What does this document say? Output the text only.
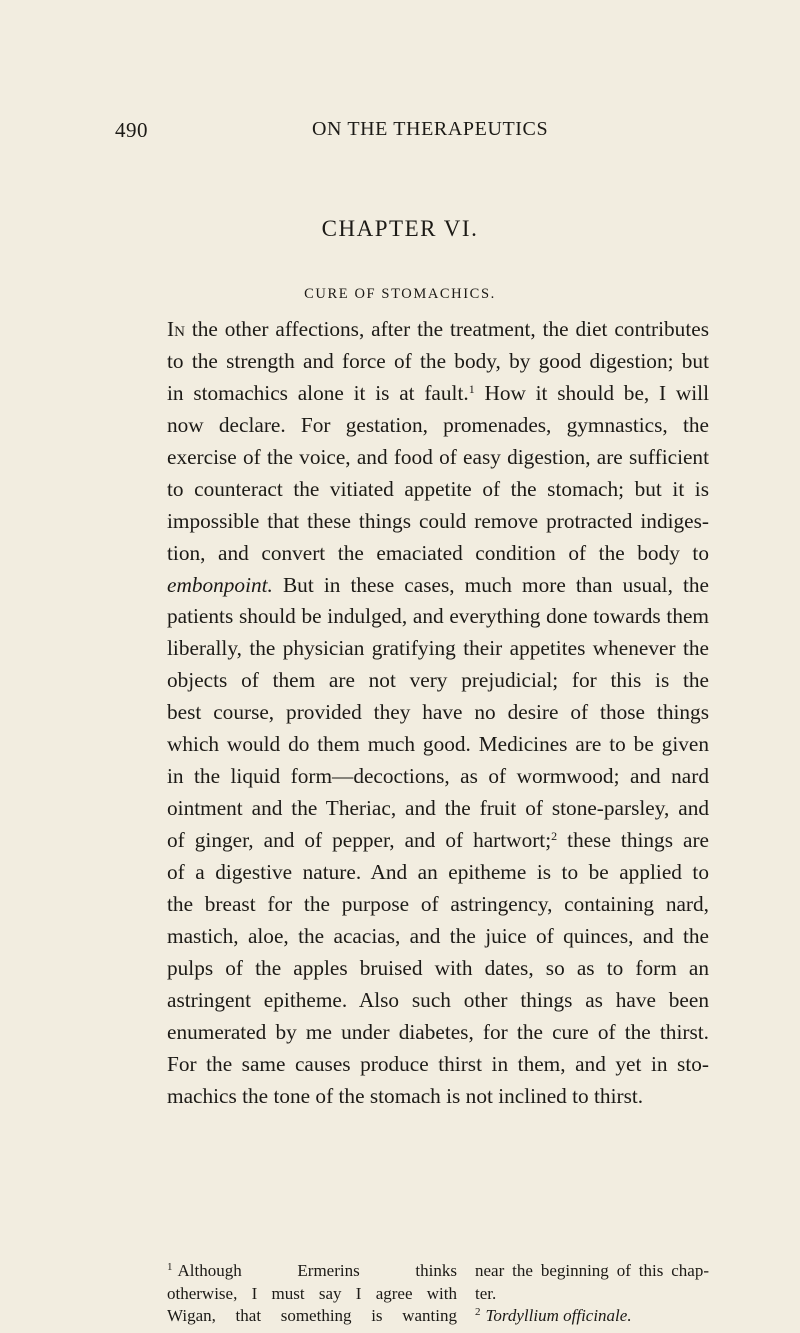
490	ON THE THERAPEUTICS
CHAPTER VI.
CURE OF STOMACHICS.
In the other affections, after the treatment, the diet contributes
to the strength and force of the body, by good digestion; but
in stomachics alone it is at fault.$^1$ How it should be, I will
now declare. For gestation, promenades, gymnastics, the
exercise of the voice, and food of easy digestion, are sufficient
to counteract the vitiated appetite of the stomach; but it is
impossible that these things could remove protracted indiges-
tion, and convert the emaciated condition of the body to
embonpoint. But in these cases, much more than usual, the
patients should be indulged, and everything done towards them
liberally, the physician gratifying their appetites whenever the
objects of them are not very prejudicial; for this is the
best course, provided they have no desire of those things
which would do them much good. Medicines are to be given
in the liquid form—decoctions, as of wormwood; and nard
ointment and the Theriac, and the fruit of stone-parsley, and
of ginger, and of pepper, and of hartwort;$^2$ these things are
of a digestive nature. And an epitheme is to be applied to
the breast for the purpose of astringency, containing nard,
mastich, aloe, the acacias, and the juice of quinces, and the
pulps of the apples bruised with dates, so as to form an
astringent epitheme. Also such other things as have been
enumerated by me under diabetes, for the cure of the thirst.
For the same causes produce thirst in them, and yet in sto-
machics the tone of the stomach is not inclined to thirst.
$^1$ Although Ermerins thinks
otherwise, I must say I agree with
Wigan, that something is wanting
near the beginning of this chap-
ter.
$^2$ Tordyllium officinale.
